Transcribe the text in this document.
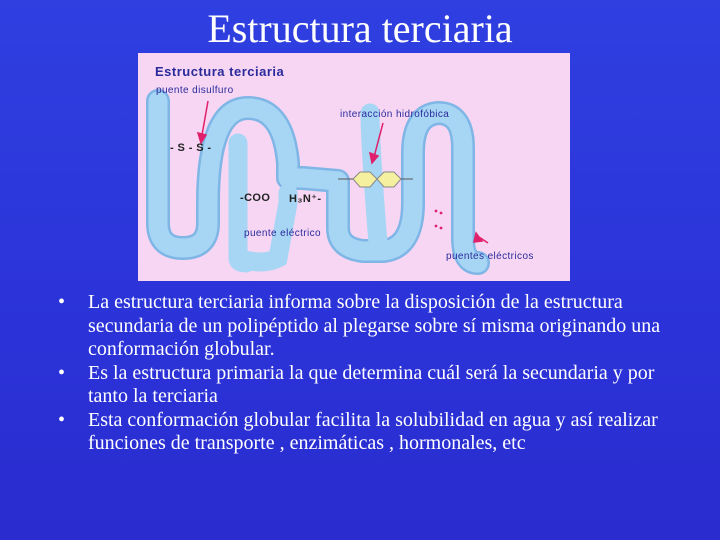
Estructura terciaria
Estructura terciaria
puente disulfuro
interacción hidrofóbica
- S - S -
-COO H₃N⁺-
puente eléctrico
puentes eléctricos
•	La estructura terciaria informa sobre la disposición de la estructura secundaria de un polipéptido al plegarse sobre sí misma originando una conformación globular.
•	Es la estructura primaria la que determina cuál será la secundaria y por tanto la terciaria
•	Esta conformación globular facilita la solubilidad en agua y así realizar funciones de transporte , enzimáticas , hormonales, etc
